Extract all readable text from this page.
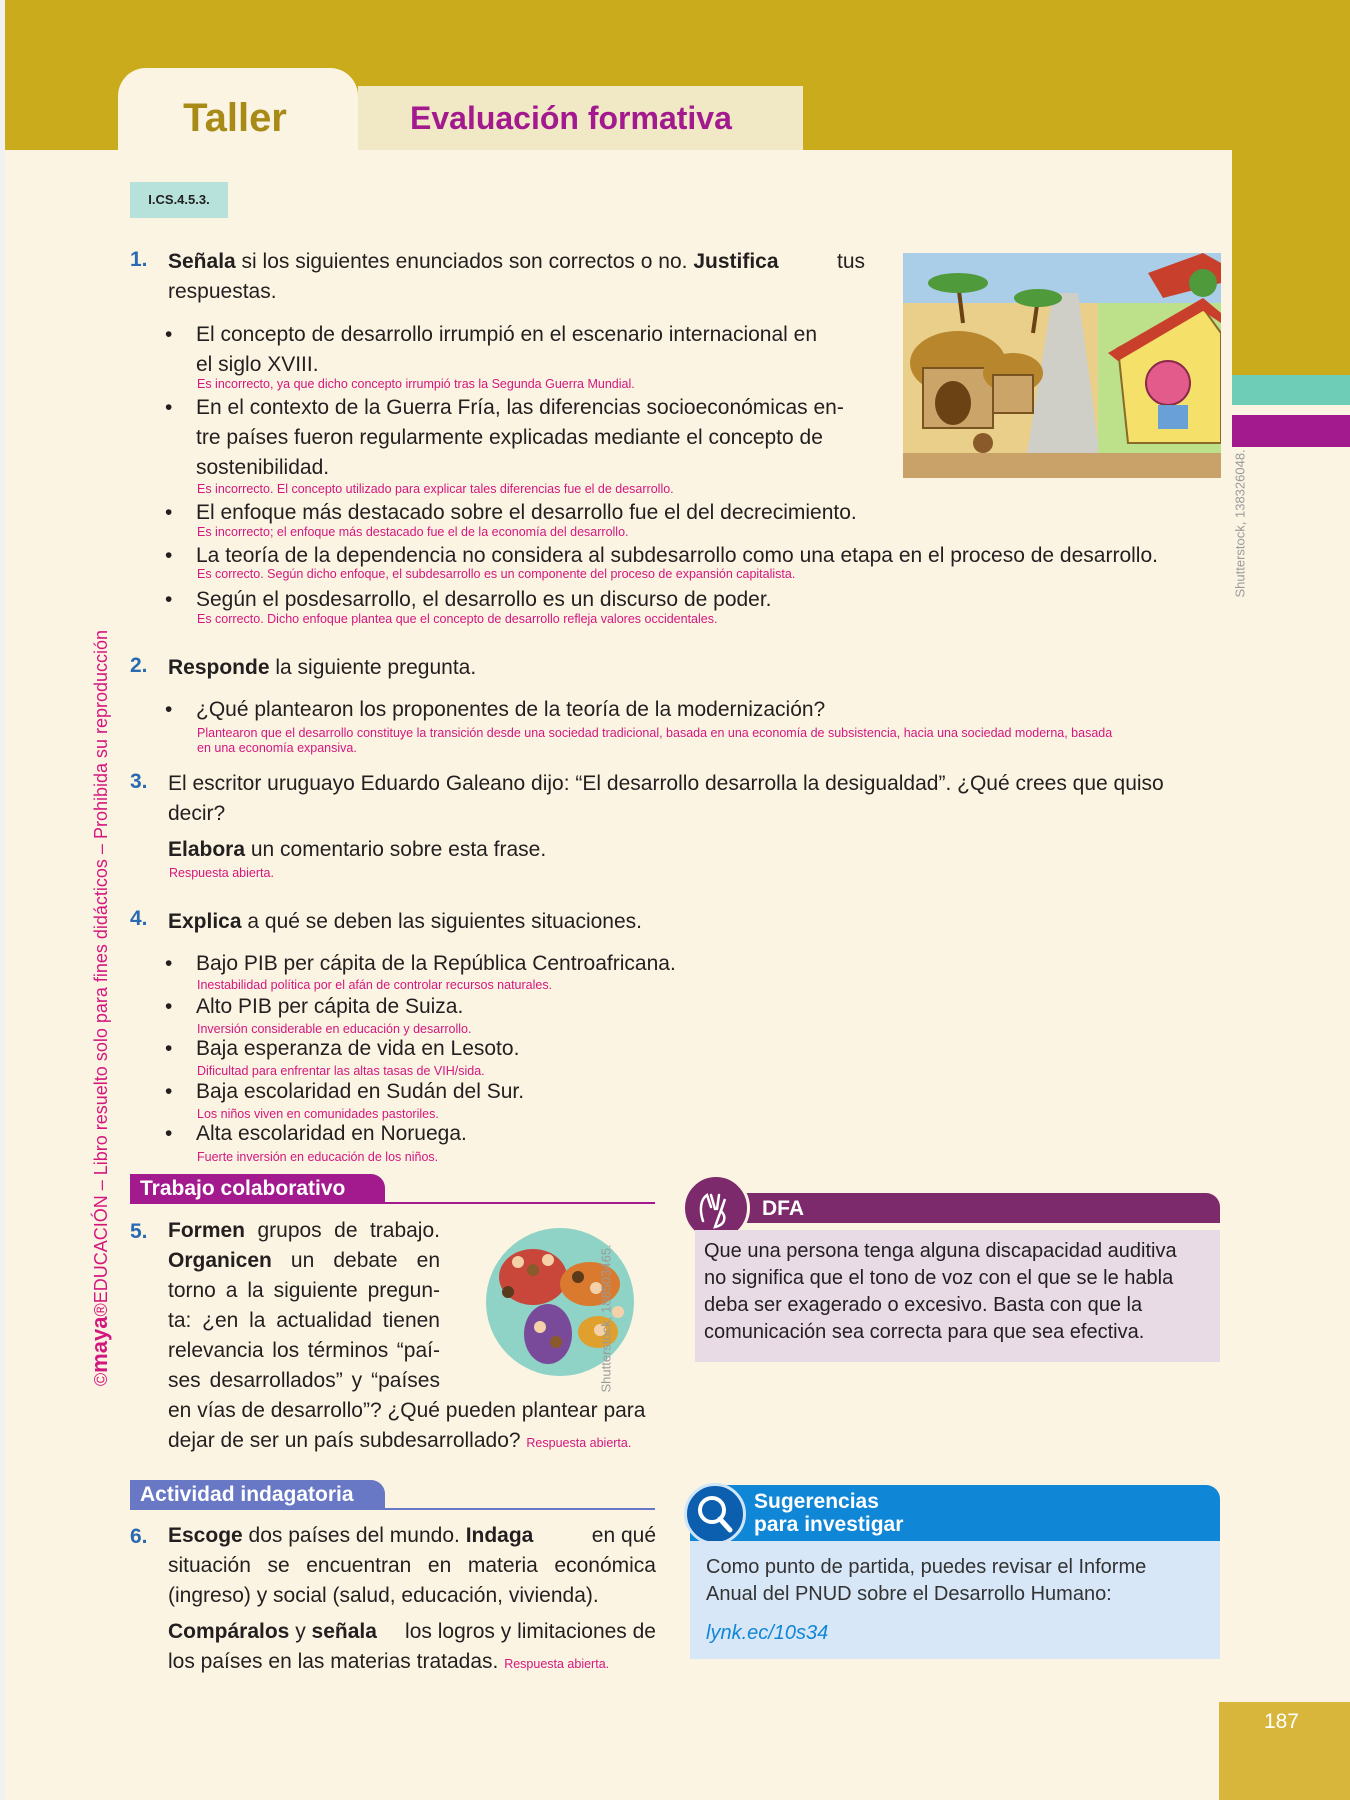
Taller	Evaluación formativa
I.CS.4.5.3.
©maya®EDUCACIÓN – Libro resuelto solo para fines didácticos – Prohibida su reproducción
Shutterstock, 138326048.
1. Señala si los siguientes enunciados son correctos o no. Justifica	tus
respuestas.
• El concepto de desarrollo irrumpió en el escenario internacional en
el siglo XVIII.
Es incorrecto, ya que dicho concepto irrumpió tras la Segunda Guerra Mundial.
• En el contexto de la Guerra Fría, las diferencias socioeconómicas en-
tre países fueron regularmente explicadas mediante el concepto de
sostenibilidad.
Es incorrecto. El concepto utilizado para explicar tales diferencias fue el de desarrollo.
• El enfoque más destacado sobre el desarrollo fue el del decrecimiento.
Es incorrecto; el enfoque más destacado fue el de la economía del desarrollo.
• La teoría de la dependencia no considera al subdesarrollo como una etapa en el proceso de desarrollo.
Es correcto. Según dicho enfoque, el subdesarrollo es un componente del proceso de expansión capitalista.
• Según el posdesarrollo, el desarrollo es un discurso de poder.
Es correcto. Dicho enfoque plantea que el concepto de desarrollo refleja valores occidentales.
2. Responde la siguiente pregunta.
• ¿Qué plantearon los proponentes de la teoría de la modernización?
Plantearon que el desarrollo constituye la transición desde una sociedad tradicional, basada en una economía de subsistencia, hacia una sociedad moderna, basada
en una economía expansiva.
3. El escritor uruguayo Eduardo Galeano dijo: “El desarrollo desarrolla la desigualdad”. ¿Qué crees que quiso
decir?
Elabora un comentario sobre esta frase.
Respuesta abierta.
4. Explica a qué se deben las siguientes situaciones.
• Bajo PIB per cápita de la República Centroafricana.
Inestabilidad política por el afán de controlar recursos naturales.
• Alto PIB per cápita de Suiza.
Inversión considerable en educación y desarrollo.
• Baja esperanza de vida en Lesoto.
Dificultad para enfrentar las altas tasas de VIH/sida.
• Baja escolaridad en Sudán del Sur.
Los niños viven en comunidades pastoriles.
• Alta escolaridad en Noruega.
Fuerte inversión en educación de los niños.
Trabajo colaborativo
5. Formen grupos de trabajo.
Organicen un debate en
torno a la siguiente pregun-
ta: ¿en la actualidad tienen
relevancia los términos “paí-
ses desarrollados” y “países
en vías de desarrollo”? ¿Qué pueden plantear para
dejar de ser un país subdesarrollado? Respuesta abierta.
Shutterstock, 188503465.
DFA
Que una persona tenga alguna discapacidad auditiva
no significa que el tono de voz con el que se le habla
deba ser exagerado o excesivo. Basta con que la
comunicación sea correcta para que sea efectiva.
Actividad indagatoria
6. Escoge dos países del mundo. Indaga	en qué
situación se encuentran en materia económica
(ingreso) y social (salud, educación, vivienda).
Compáralos y señala los logros y limitaciones de
los países en las materias tratadas. Respuesta abierta.
Sugerencias
para investigar
Como punto de partida, puedes revisar el Informe
Anual del PNUD sobre el Desarrollo Humano:
lynk.ec/10s34
187
